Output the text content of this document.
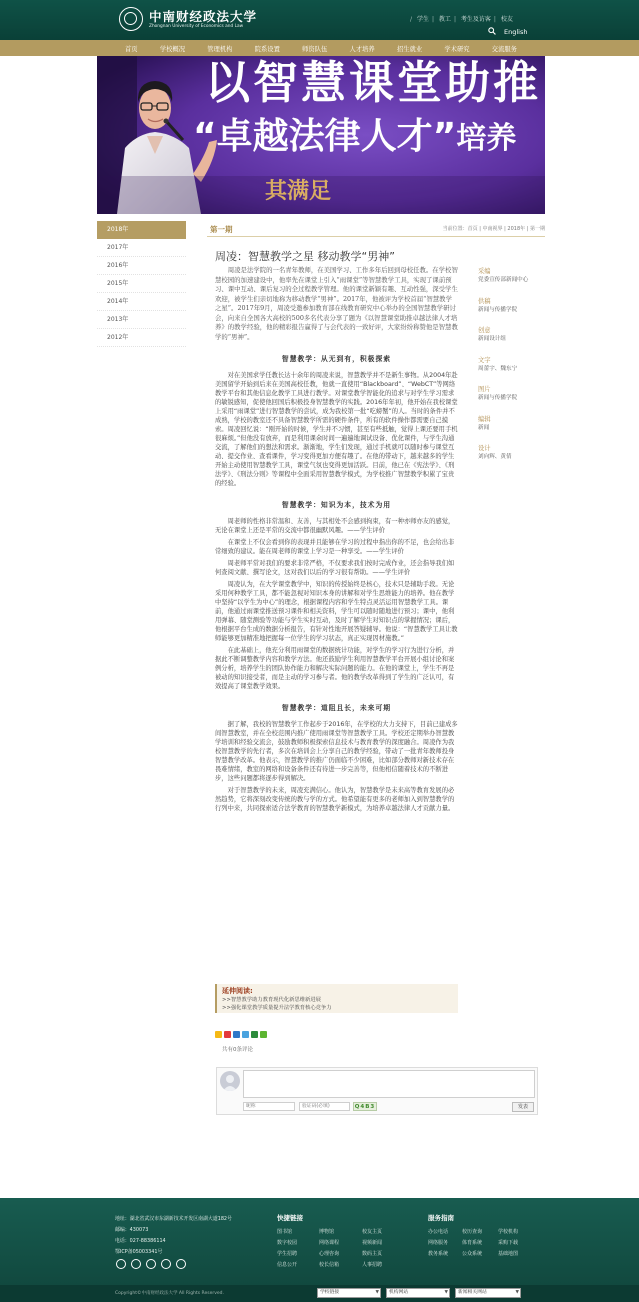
中南财经政法大学
Zhongnan University of Economics and Law
/ 学生 | 教工 | 考生及访客 | 校友
English
首页	学校概况	管理机构	院系设置	师资队伍	人才培养	招生就业	学术研究	交流服务
以智慧课堂助推
“卓越法律人才”培养
其满足
2018年
2017年
2016年
2015年
2014年
2013年
2012年
第一期	当前位置：首页 | 中南视界 | 2018年 | 第一期
周凌：智慧教学之星 移动教学“男神”

　　周凌是法学院的一名青年教师，在美国学习、工作多年后回到母校任教。在学校智慧校园的加速建设中，他率先在课堂上引入“雨课堂”等智慧教学工具，实现了课前预习、课中互动、课后复习的全过程教学管理。他的课堂新颖有趣、互动性强，深受学生欢迎，被学生们亲切地称为移动教学“男神”。2017年，他被评为学校首届“智慧教学之星”。2017年9月，周凌受邀参加教育部在线教育研究中心举办的全国智慧教学研讨会，向来自全国各大高校的500多名代表分享了题为《以智慧课堂助推卓越法律人才培养》的教学经验，他的精彩报告赢得了与会代表的一致好评，大家纷纷称赞他是智慧教学的“男神”。

智慧教学：从无到有，积极探索

　　对在美国求学任教长达十余年的周凌来说，智慧教学并不是新生事物。从2004年赴美国留学开始到后来在美国高校任教，他就一直使用“Blackboard”、“WebCT”等网络教学平台和其他信息化教学工具进行教学。对课堂教学智能化的追求与对学生学习需求的敏锐感知，促使他回国后积极投身智慧教学的实践。2016年年初，他开始在我校课堂上采用“雨课堂”进行智慧教学的尝试，成为我校第一批“吃螃蟹”的人。当时的条件并不成熟，学校的教室还不具备智慧教学所需的硬件条件，所有的软件操作都需要自己摸索。周凌回忆说：“刚开始的时候，学生并不习惯，甚至有些抵触，觉得上课还要用手机很麻烦。”但他没有放弃，而是利用课余时间一遍遍地调试设备、优化课件，与学生沟通交流，了解他们的想法和需求。渐渐地，学生们发现，通过手机就可以随时参与课堂互动、提交作业、查看课件，学习变得更加方便有趣了。在他的带动下，越来越多的学生开始主动使用智慧教学工具，课堂气氛也变得更加活跃。目前，他已在《宪法学》、《刑法学》、《刑法分则》等课程中全面采用智慧教学模式，为学校推广智慧教学积累了宝贵的经验。

智慧教学：知识为本，技术为用

　　周老师的性格非常温和、友善，与其相处不会感到拘束，有一种亦师亦友的感觉，无论在课堂上还是平常的交流中都很幽默风趣。——学生评价

　　在课堂上不仅会看到你的表现并且能够在学习的过程中指出你的不足，也会给出非常细致的建议。能在周老师的课堂上学习是一种享受。——学生评价

　　周老师平常对我们的要求非常严格，不仅要求我们按时完成作业，还会指导我们如何查阅文献、撰写论文，这对我们以后的学习很有帮助。——学生评价

　　周凌认为，在大学课堂教学中，知识的传授始终是核心，技术只是辅助手段。无论采用何种教学工具，都不能忽视对知识本身的讲解和对学生思维能力的培养。他在教学中坚持“以学生为中心”的理念，根据课程内容和学生特点灵活运用智慧教学工具。课前，他通过雨课堂推送预习课件和相关资料，学生可以随时随地进行预习；课中，他利用弹幕、随堂测验等功能与学生实时互动，及时了解学生对知识点的掌握情况；课后，他根据平台生成的数据分析报告，有针对性地开展答疑辅导。他说：“智慧教学工具让教师能够更加精准地把握每一位学生的学习状态，真正实现因材施教。”

　　在此基础上，他充分利用雨课堂的数据统计功能，对学生的学习行为进行分析，并据此不断调整教学内容和教学方法。他还鼓励学生利用智慧教学平台开展小组讨论和案例分析，培养学生的团队协作能力和解决实际问题的能力。在他的课堂上，学生不再是被动的知识接受者，而是主动的学习参与者。他的教学改革得到了学生的广泛认可，有效提高了课堂教学效果。

智慧教学：道阻且长，未来可期

　　据了解，我校的智慧教学工作起步于2016年，在学校的大力支持下，目前已建成多间智慧教室，并在全校范围内推广使用雨课堂等智慧教学工具。学校还定期举办智慧教学培训和经验交流会，鼓励教师积极探索信息技术与教育教学的深度融合。周凌作为我校智慧教学的先行者，多次在培训会上分享自己的教学经验，带动了一批青年教师投身智慧教学改革。他表示，智慧教学的推广仍面临不少困难，比如部分教师对新技术存在畏难情绪，教室的网络和设备条件还有待进一步完善等，但他相信随着技术的不断进步，这些问题都将逐步得到解决。

　　对于智慧教学的未来，周凌充满信心。他认为，智慧教学是未来高等教育发展的必然趋势，它将深刻改变传统的教与学的方式。他希望能有更多的老师加入到智慧教学的行列中来，共同探索适合法学教育的智慧教学新模式，为培养卓越法律人才贡献力量。

采编
党委宣传部新闻中心
供稿
新闻与传播学院
创意
新闻设计组
文字
周蕾宇、魏东宁
图片
新闻与传播学院
编辑
新闻
设计
刘向辉、黄倩
延伸阅读:
>>智慧教学助力教育现代化新思维新进展
>>强化课堂教学质量提升法学教育核心竞争力
共有0条评论
昵称
验证码(必填)
Q4B3	发表
地址：湖北省武汉市东湖新技术开发区南湖大道182号
邮编：430073
电话：027-88386114
鄂ICP备05003341号
快捷链接
图书馆	博物馆	校友主页
数字校园	网络课程	视频新闻
学生招聘	心理咨询	数码主页
信息公开	校长信箱	人事招聘
服务指南
办公电话	校历查询	学校机构
网络服务	体育系统	采购下载
教务系统	公众系统	基础地图
Copyright©中南财经政法大学 All Rights Reserved.	学校链接	▼	机构网站	▼	新闻相关网站	▼
